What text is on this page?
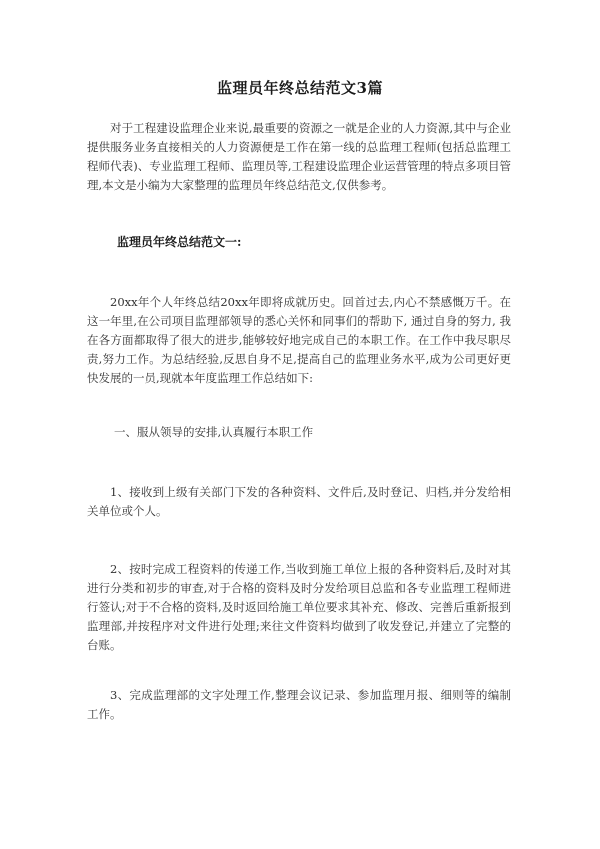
监理员年终总结范文3篇
对于工程建设监理企业来说,最重要的资源之一就是企业的人力资源,其中与企业提供服务业务直接相关的人力资源便是工作在第一线的总监理工程师(包括总监理工程师代表)、专业监理工程师、监理员等,工程建设监理企业运营管理的特点多项目管理,本文是小编为大家整理的监理员年终总结范文,仅供参考。
监理员年终总结范文一:
20xx年个人年终总结20xx年即将成就历史。回首过去,内心不禁感慨万千。在这一年里,在公司项目监理部领导的悉心关怀和同事们的帮助下, 通过自身的努力, 我在各方面都取得了很大的进步,能够较好地完成自己的本职工作。在工作中我尽职尽责,努力工作。为总结经验,反思自身不足,提高自己的监理业务水平,成为公司更好更快发展的一员,现就本年度监理工作总结如下:
一、服从领导的安排,认真履行本职工作
1、接收到上级有关部门下发的各种资料、文件后,及时登记、归档,并分发给相关单位或个人。
2、按时完成工程资料的传递工作,当收到施工单位上报的各种资料后,及时对其进行分类和初步的审查,对于合格的资料及时分发给项目总监和各专业监理工程师进行签认;对于不合格的资料,及时返回给施工单位要求其补充、修改、完善后重新报到监理部,并按程序对文件进行处理;来往文件资料均做到了收发登记,并建立了完整的台账。
3、完成监理部的文字处理工作,整理会议记录、参加监理月报、细则等的编制工作。
